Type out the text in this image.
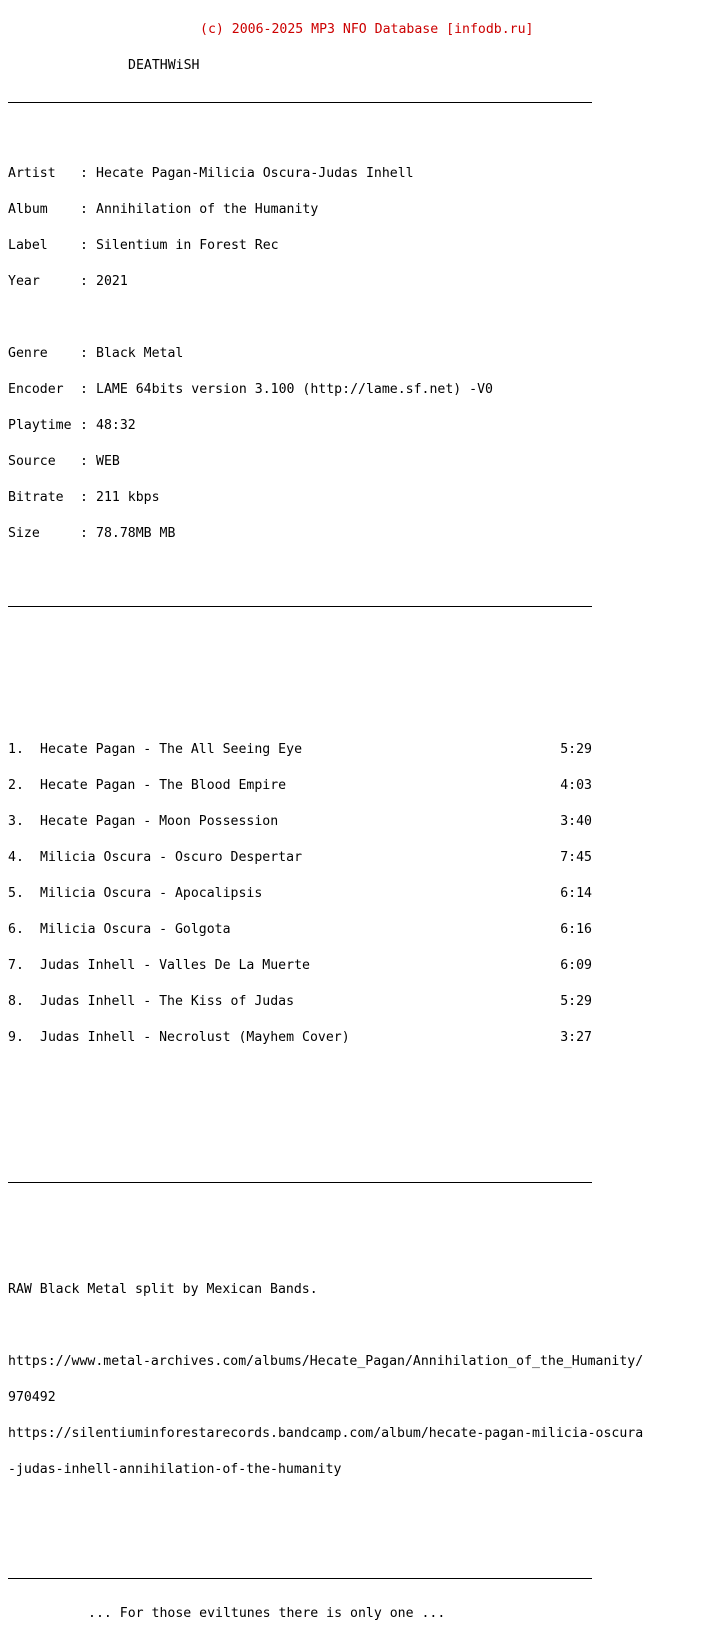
(c) 2006-2025 MP3 NFO Database [infodb.ru]

DEATHWiSH

Artist : Hecate Pagan-Milicia Oscura-Judas Inhell

Album : Annihilation of the Humanity

Label : Silentium in Forest Rec

Year	: 2021

Genre : Black Metal

Encoder : LAME 64bits version 3.100 (http://lame.sf.net) -V0

Playtime : 48:32

Source : WEB

Bitrate : 211 kbps

Size	: 78.78MB MB

1. Hecate Pagan - The All Seeing Eye	5:29

2. Hecate Pagan - The Blood Empire	4:03

3. Hecate Pagan - Moon Possession	3:40

4. Milicia Oscura - Oscuro Despertar	7:45

5. Milicia Oscura - Apocalipsis	6:14

6. Milicia Oscura - Golgota	6:16

7. Judas Inhell - Valles De La Muerte	6:09

8. Judas Inhell - The Kiss of Judas	5:29

9. Judas Inhell - Necrolust (Mayhem Cover)	3:27

RAW Black Metal split by Mexican Bands.

https://www.metal-archives.com/albums/Hecate_Pagan/Annihilation_of_the_Humanity/

970492

https://silentiuminforestarecords.bandcamp.com/album/hecate-pagan-milicia-oscura

-judas-inhell-annihilation-of-the-humanity

... For those eviltunes there is only one ...
